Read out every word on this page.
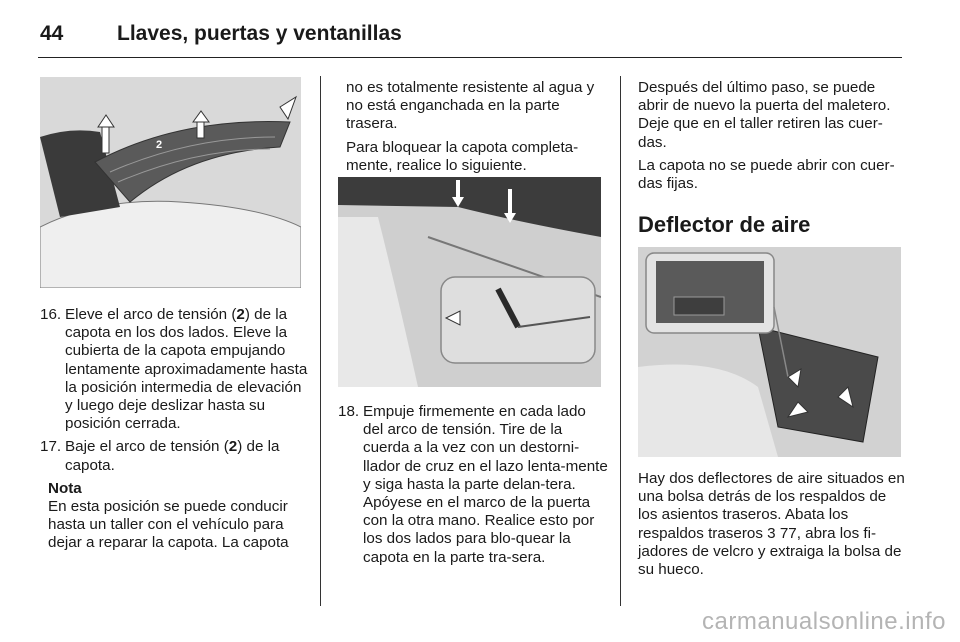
44	Llaves, puertas y ventanillas
2

16. Eleve el arco de tensión (2) de la capota en los dos lados. Eleve la cubierta de la capota empujando lentamente aproximadamente hasta la posición intermedia de elevación y luego deje deslizar hasta su posición cerrada.

17. Baje el arco de tensión (2) de la capota.

Nota
En esta posición se puede conducir hasta un taller con el vehículo para dejar a reparar la capota. La capota

no es totalmente resistente al agua y no está enganchada en la parte trasera.

Para bloquear la capota completa-mente, realice lo siguiente.

18. Empuje firmemente en cada lado del arco de tensión. Tire de la cuerda a la vez con un destorni-llador de cruz en el lazo lenta-mente y siga hasta la parte delan-tera. Apóyese en el marco de la puerta con la otra mano. Realice esto por los dos lados para blo-quear la capota en la parte tra-sera.

Después del último paso, se puede abrir de nuevo la puerta del maletero. Deje que en el taller retiren las cuer-das.

La capota no se puede abrir con cuer-das fijas.

Deflector de aire

Hay dos deflectores de aire situados en una bolsa detrás de los respaldos de los asientos traseros. Abata los respaldos traseros 3 77, abra los fi-jadores de velcro y extraiga la bolsa de su hueco.

carmanualsonline.info
